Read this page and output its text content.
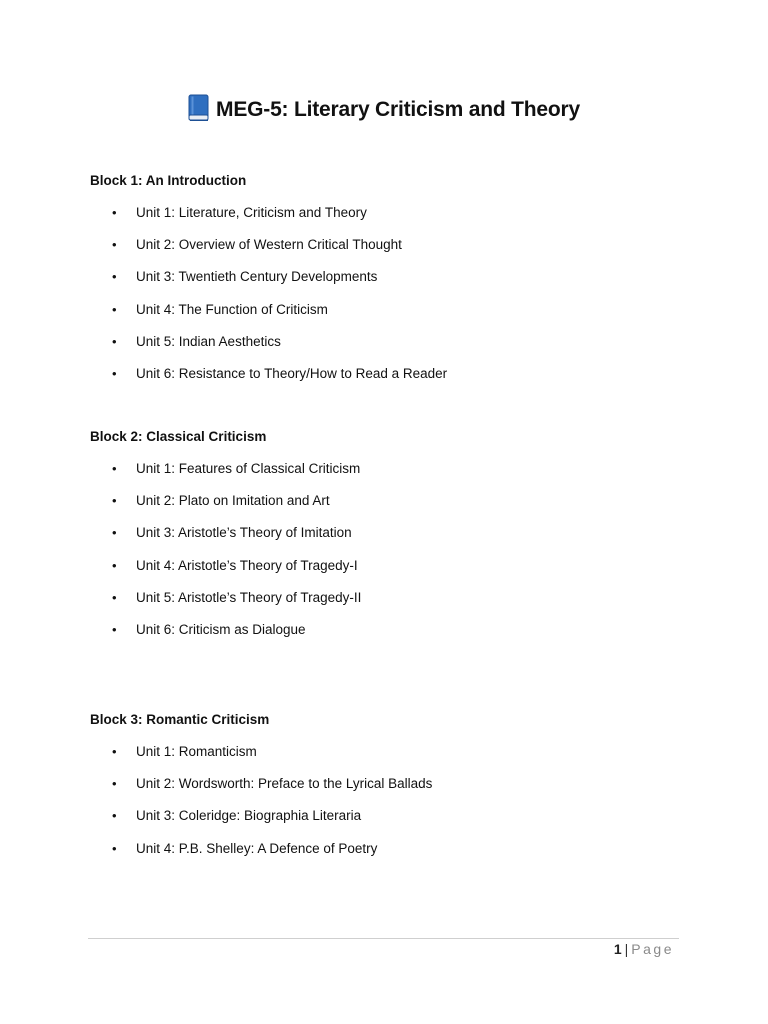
MEG-5: Literary Criticism and Theory

Block 1: An Introduction

• Unit 1: Literature, Criticism and Theory
• Unit 2: Overview of Western Critical Thought
• Unit 3: Twentieth Century Developments
• Unit 4: The Function of Criticism
• Unit 5: Indian Aesthetics
• Unit 6: Resistance to Theory/How to Read a Reader

Block 2: Classical Criticism

• Unit 1: Features of Classical Criticism
• Unit 2: Plato on Imitation and Art
• Unit 3: Aristotle’s Theory of Imitation
• Unit 4: Aristotle’s Theory of Tragedy-I
• Unit 5: Aristotle’s Theory of Tragedy-II
• Unit 6: Criticism as Dialogue

Block 3: Romantic Criticism

• Unit 1: Romanticism
• Unit 2: Wordsworth: Preface to the Lyrical Ballads
• Unit 3: Coleridge: Biographia Literaria
• Unit 4: P.B. Shelley: A Defence of Poetry
1 | Page
